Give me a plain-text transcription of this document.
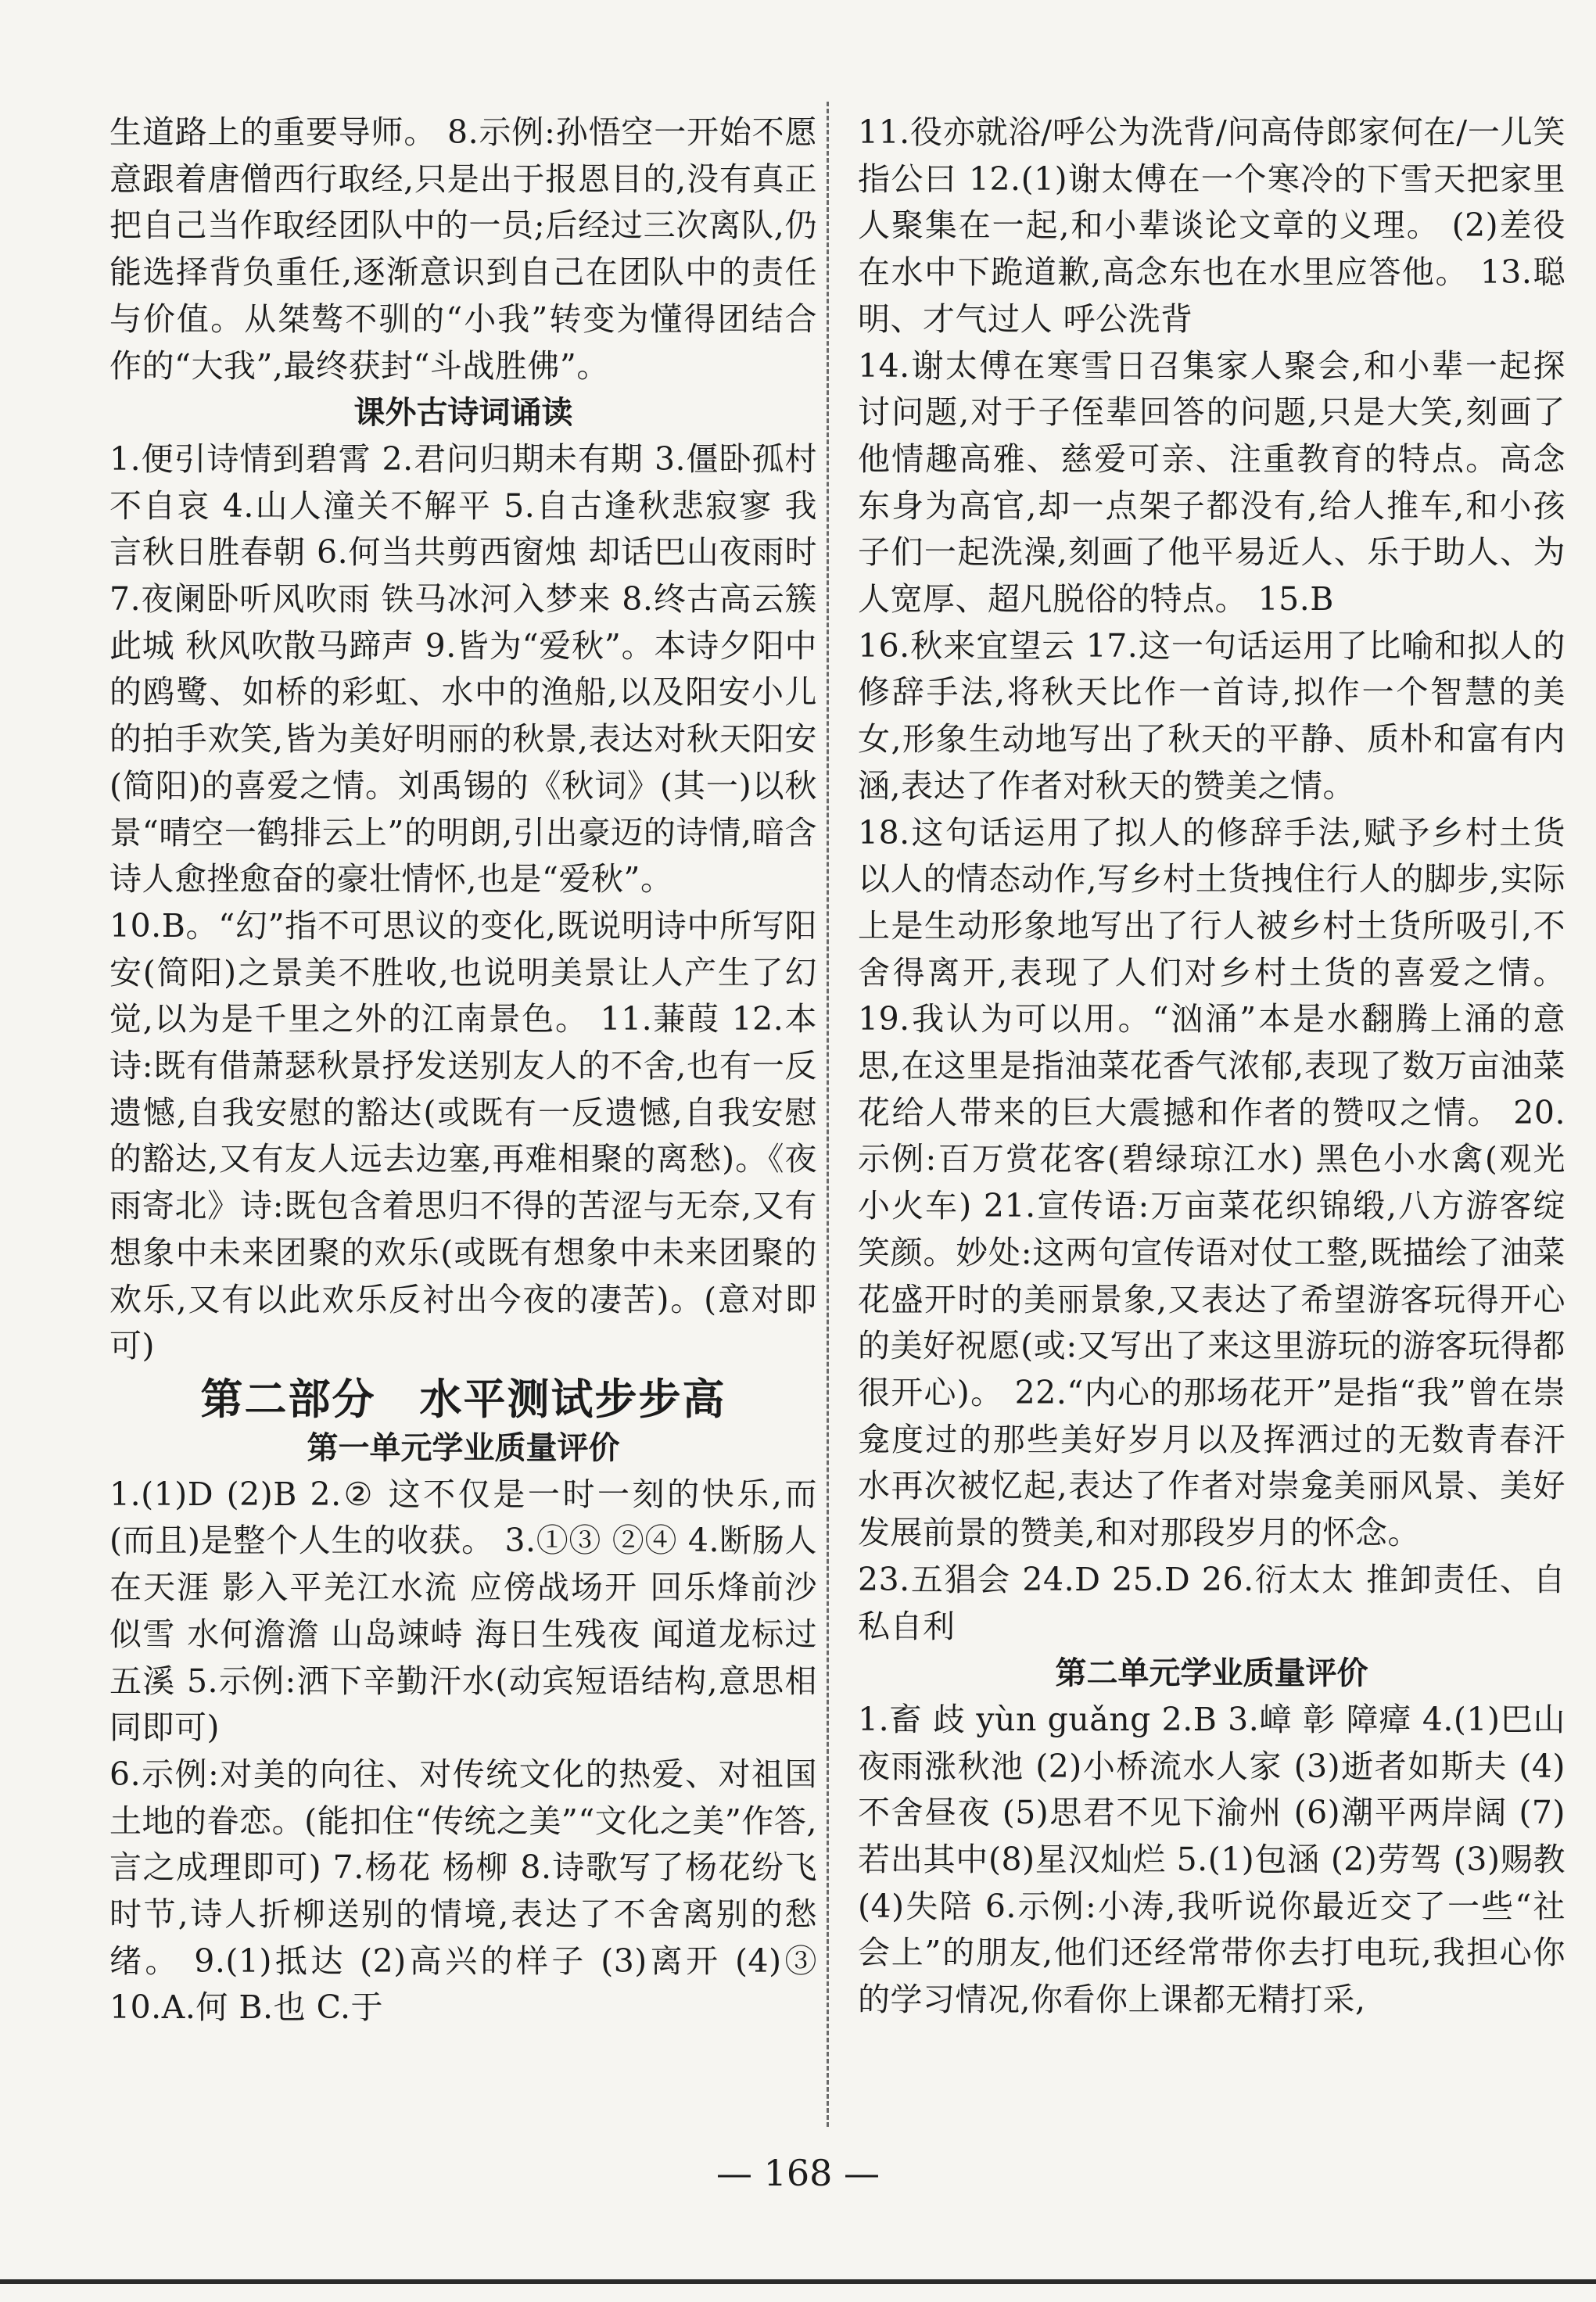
生道路上的重要导师。 8.示例:孙悟空一开始不愿意跟着唐僧西行取经,只是出于报恩目的,没有真正把自己当作取经团队中的一员;后经过三次离队,仍能选择背负重任,逐渐意识到自己在团队中的责任与价值。从桀骜不驯的“小我”转变为懂得团结合作的“大我”,最终获封“斗战胜佛”。

课外古诗词诵读

1.便引诗情到碧霄 2.君问归期未有期 3.僵卧孤村不自哀 4.山人潼关不解平 5.自古逢秋悲寂寥 我言秋日胜春朝 6.何当共剪西窗烛 却话巴山夜雨时 7.夜阑卧听风吹雨 铁马冰河入梦来 8.终古高云簇此城 秋风吹散马蹄声 9.皆为“爱秋”。本诗夕阳中的鸥鹭、如桥的彩虹、水中的渔船,以及阳安小儿的拍手欢笑,皆为美好明丽的秋景,表达对秋天阳安(简阳)的喜爱之情。刘禹锡的《秋词》(其一)以秋景“晴空一鹤排云上”的明朗,引出豪迈的诗情,暗含诗人愈挫愈奋的豪壮情怀,也是“爱秋”。

10.B。“幻”指不可思议的变化,既说明诗中所写阳安(简阳)之景美不胜收,也说明美景让人产生了幻觉,以为是千里之外的江南景色。 11.蒹葭 12.本诗:既有借萧瑟秋景抒发送别友人的不舍,也有一反遗憾,自我安慰的豁达(或既有一反遗憾,自我安慰的豁达,又有友人远去边塞,再难相聚的离愁)。《夜雨寄北》诗:既包含着思归不得的苦涩与无奈,又有想象中未来团聚的欢乐(或既有想象中未来团聚的欢乐,又有以此欢乐反衬出今夜的凄苦)。(意对即可)

第二部分　水平测试步步高

第一单元学业质量评价

1.(1)D (2)B 2.② 这不仅是一时一刻的快乐,而(而且)是整个人生的收获。 3.①③ ②④ 4.断肠人在天涯 影入平羌江水流 应傍战场开 回乐烽前沙似雪 水何澹澹 山岛竦峙 海日生残夜 闻道龙标过五溪 5.示例:洒下辛勤汗水(动宾短语结构,意思相同即可)

6.示例:对美的向往、对传统文化的热爱、对祖国土地的眷恋。(能扣住“传统之美”“文化之美”作答,言之成理即可) 7.杨花 杨柳 8.诗歌写了杨花纷飞时节,诗人折柳送别的情境,表达了不舍离别的愁绪。 9.(1)抵达 (2)高兴的样子 (3)离开 (4)③ 10.A.何 B.也 C.于

11.役亦就浴/呼公为洗背/问高侍郎家何在/一儿笑指公曰 12.(1)谢太傅在一个寒冷的下雪天把家里人聚集在一起,和小辈谈论文章的义理。 (2)差役在水中下跪道歉,高念东也在水里应答他。 13.聪明、才气过人 呼公洗背

14.谢太傅在寒雪日召集家人聚会,和小辈一起探讨问题,对于子侄辈回答的问题,只是大笑,刻画了他情趣高雅、慈爱可亲、注重教育的特点。高念东身为高官,却一点架子都没有,给人推车,和小孩子们一起洗澡,刻画了他平易近人、乐于助人、为人宽厚、超凡脱俗的特点。 15.B

16.秋来宜望云 17.这一句话运用了比喻和拟人的修辞手法,将秋天比作一首诗,拟作一个智慧的美女,形象生动地写出了秋天的平静、质朴和富有内涵,表达了作者对秋天的赞美之情。

18.这句话运用了拟人的修辞手法,赋予乡村土货以人的情态动作,写乡村土货拽住行人的脚步,实际上是生动形象地写出了行人被乡村土货所吸引,不舍得离开,表现了人们对乡村土货的喜爱之情。 19.我认为可以用。“汹涌”本是水翻腾上涌的意思,在这里是指油菜花香气浓郁,表现了数万亩油菜花给人带来的巨大震撼和作者的赞叹之情。 20.示例:百万赏花客(碧绿琼江水) 黑色小水禽(观光小火车) 21.宣传语:万亩菜花织锦缎,八方游客绽笑颜。妙处:这两句宣传语对仗工整,既描绘了油菜花盛开时的美丽景象,又表达了希望游客玩得开心的美好祝愿(或:又写出了来这里游玩的游客玩得都很开心)。 22.“内心的那场花开”是指“我”曾在崇龛度过的那些美好岁月以及挥洒过的无数青春汗水再次被忆起,表达了作者对崇龛美丽风景、美好发展前景的赞美,和对那段岁月的怀念。

23.五猖会 24.D 25.D 26.衍太太 推卸责任、自私自利

第二单元学业质量评价

1.畜 歧 yùn guǎng 2.B 3.嶂 彰 障瘴 4.(1)巴山夜雨涨秋池 (2)小桥流水人家 (3)逝者如斯夫 (4)不舍昼夜 (5)思君不见下渝州 (6)潮平两岸阔 (7)若出其中(8)星汉灿烂 5.(1)包涵 (2)劳驾 (3)赐教(4)失陪 6.示例:小涛,我听说你最近交了一些“社会上”的朋友,他们还经常带你去打电玩,我担心你的学习情况,你看你上课都无精打采,

— 168 —
